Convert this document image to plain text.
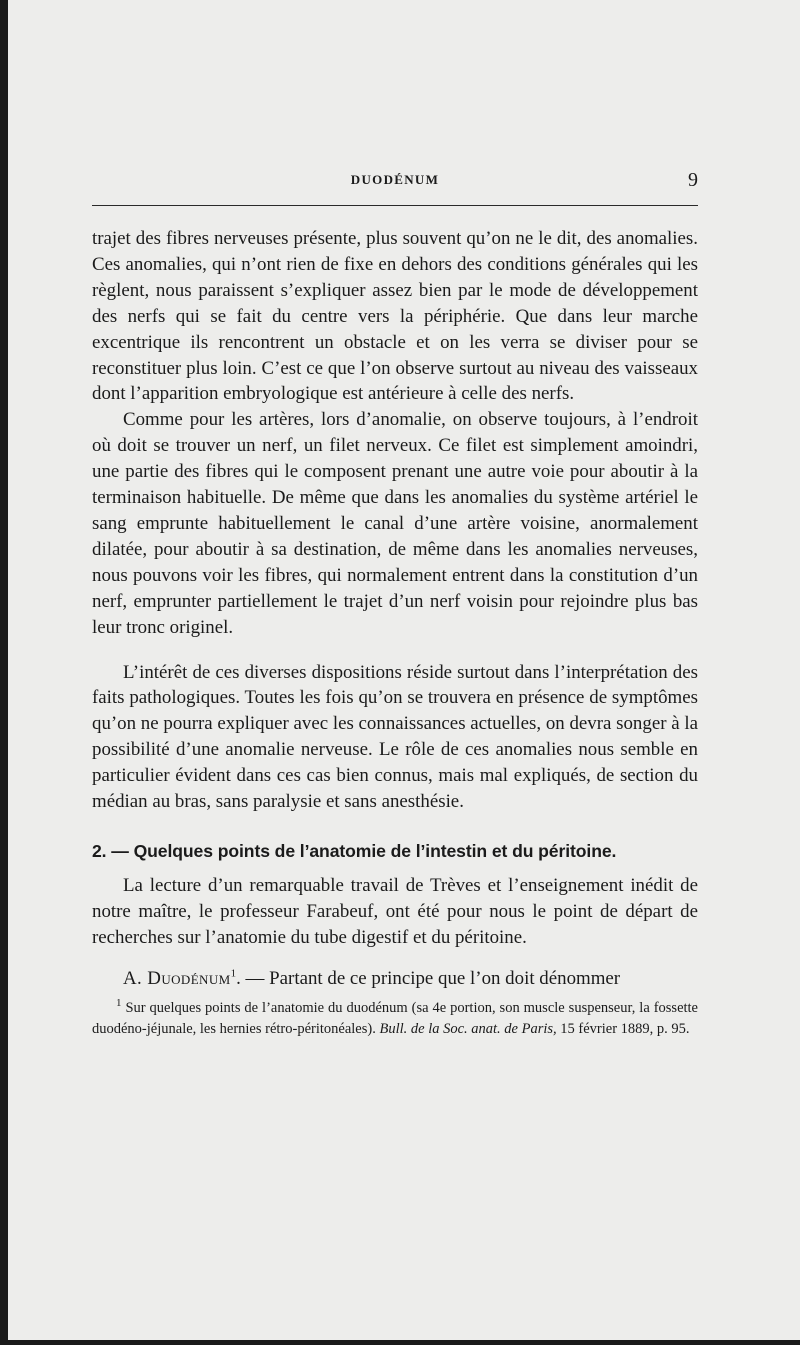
DUODÉNUM	9

trajet des fibres nerveuses présente, plus souvent qu’on ne le dit, des anomalies. Ces anomalies, qui n’ont rien de fixe en dehors des conditions générales qui les règlent, nous paraissent s’expliquer assez bien par le mode de développement des nerfs qui se fait du centre vers la périphérie. Que dans leur marche excentrique ils rencontrent un obstacle et on les verra se diviser pour se reconstituer plus loin. C’est ce que l’on observe surtout au niveau des vaisseaux dont l’apparition embryologique est antérieure à celle des nerfs.

Comme pour les artères, lors d’anomalie, on observe toujours, à l’endroit où doit se trouver un nerf, un filet nerveux. Ce filet est simplement amoindri, une partie des fibres qui le composent prenant une autre voie pour aboutir à la terminaison habituelle. De même que dans les anomalies du système artériel le sang emprunte habituellement le canal d’une artère voisine, anormalement dilatée, pour aboutir à sa destination, de même dans les anomalies nerveuses, nous pouvons voir les fibres, qui normalement entrent dans la constitution d’un nerf, emprunter partiellement le trajet d’un nerf voisin pour rejoindre plus bas leur tronc originel.

L’intérêt de ces diverses dispositions réside surtout dans l’interprétation des faits pathologiques. Toutes les fois qu’on se trouvera en présence de symptômes qu’on ne pourra expliquer avec les connaissances actuelles, on devra songer à la possibilité d’une anomalie nerveuse. Le rôle de ces anomalies nous semble en particulier évident dans ces cas bien connus, mais mal expliqués, de section du médian au bras, sans paralysie et sans anesthésie.

2. — Quelques points de l’anatomie de l’intestin et du péritoine.

La lecture d’un remarquable travail de Trèves et l’enseignement inédit de notre maître, le professeur Farabeuf, ont été pour nous le point de départ de recherches sur l’anatomie du tube digestif et du péritoine.

A. Duodénum$^1$. — Partant de ce principe que l’on doit dénommer

$^1$ Sur quelques points de l’anatomie du duodénum (sa 4e portion, son muscle suspenseur, la fossette duodéno-jéjunale, les hernies rétro-péritonéales). Bull. de la Soc. anat. de Paris, 15 février 1889, p. 95.
